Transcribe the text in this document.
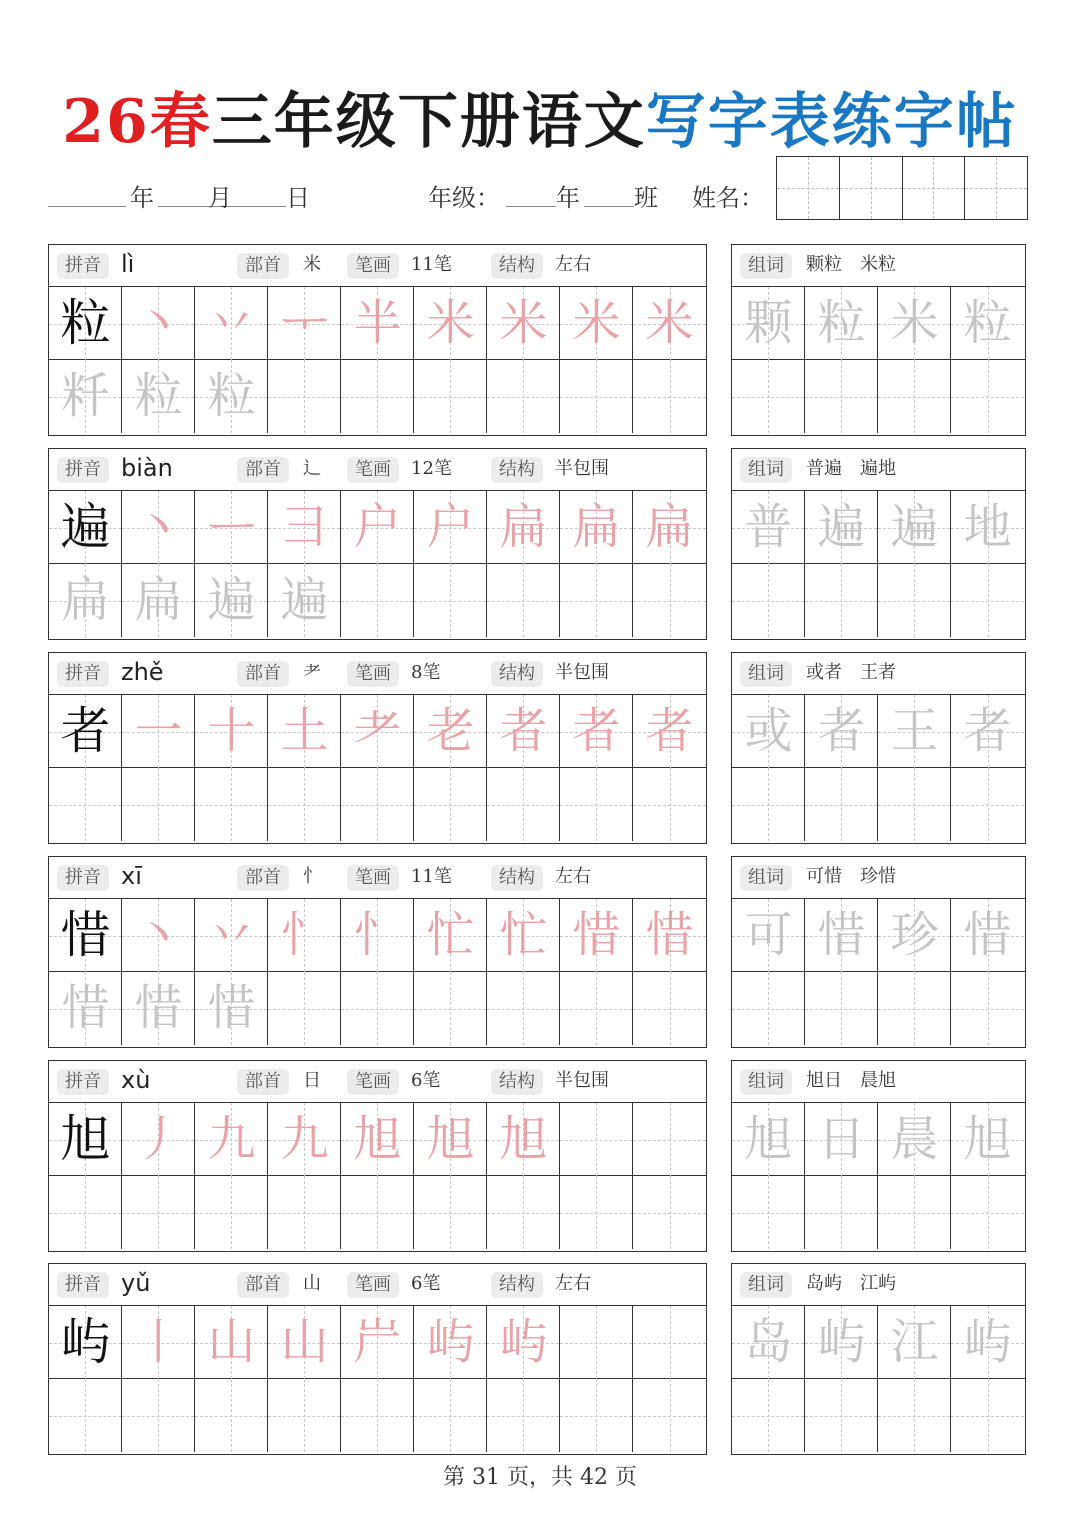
26春三年级下册语文写字表练字帖
年 月 日	年级： 年 班 姓名：
拼音 lì	部首	米	笔画	11笔	结构	左右
粒 丶 丷 ᅮ 半 米 米 米 米
粁 粒 粒
组词	颗粒　米粒
颗 粒 米 粒
拼音 biàn	部首	辶	笔画	12笔	结构	半包围
遍 丶 ᅳ 彐 户 户 扁 扁 扁
扁 扁 遍 遍
组词	普遍　遍地
普 遍 遍 地
拼音 zhě	部首	耂	笔画	8笔	结构	半包围
者 一 十 土 耂 老 者 者 者
组词	或者　王者
或 者 王 者
拼音 xī	部首	忄	笔画	11笔	结构	左右
惜 丶 丷 忄 忄 忙 忙 惜 惜
惜 惜 惜
组词	可惜　珍惜
可 惜 珍 惜
拼音 xù	部首	日	笔画	6笔	结构	半包围
旭 丿 九 九 旭 旭 旭
组词	旭日　晨旭
旭 日 晨 旭
拼音 yǔ	部首	山	笔画	6笔	结构	左右
屿 丨 山 山 屵 屿 屿
组词	岛屿　江屿
岛 屿 江 屿
第 31 页，共 42 页
